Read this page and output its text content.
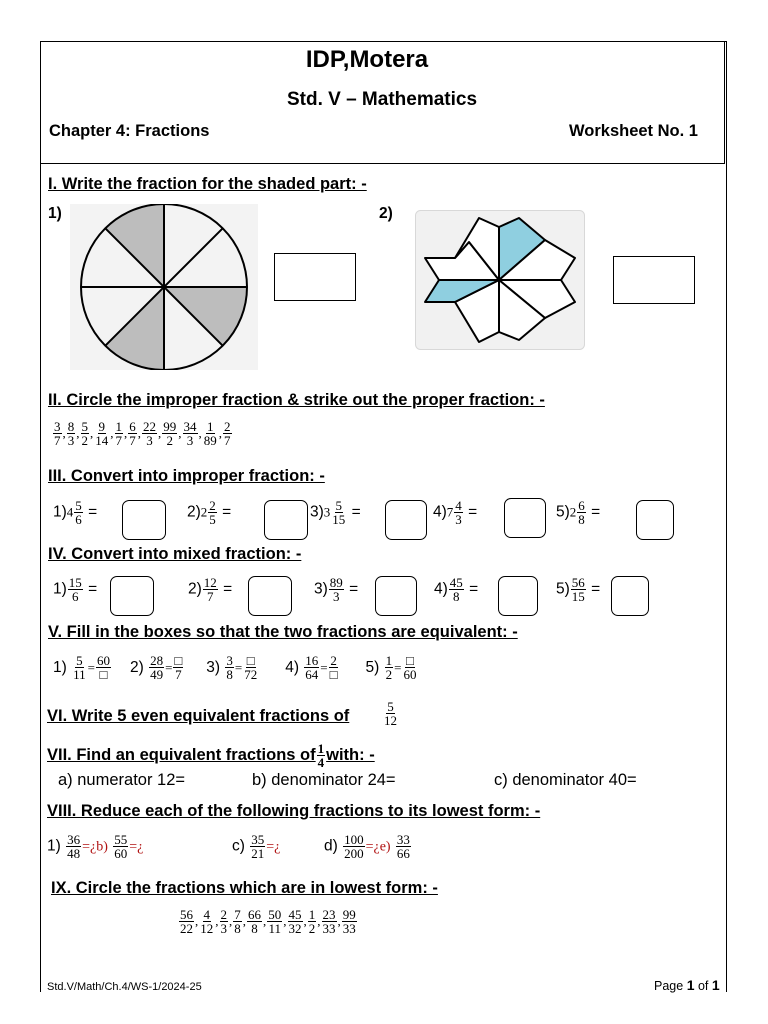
IDP,Motera
Std. V – Mathematics
Chapter 4: Fractions	Worksheet No. 1
I. Write the fraction for the shaded part: -
1)	2)
II. Circle the improper fraction & strike out the proper fraction: -
$\frac{3}{7}$ , $\frac{8}{3}$ , $\frac{5}{2}$ , $\frac{9}{14}$ , $\frac{1}{7}$ , $\frac{6}{7}$ , $\frac{22}{3}$ , $\frac{99}{2}$ , $\frac{34}{3}$ , $\frac{1}{89}$ , $\frac{2}{7}$
III. Convert into improper fraction: -
$1)4 \frac{5}{6}$ =	$2)2 \frac{2}{5}$ =	$3)3 \frac{5}{15}$ =	$4)7 \frac{4}{3}$ =	$5)2 \frac{6}{8}$ =
IV. Convert into mixed fraction: -
$1) \frac{15}{6}$ =	$2) \frac{12}{7}$ =	$3) \frac{89}{3}$ =	$4) \frac{45}{8}$ =	$5) \frac{56}{15}$ =
V. Fill in the boxes so that the two fractions are equivalent: -
$1) \frac{5}{11} = 60$
□ $2) \frac{28}{49}$ = □
7 $3) \frac{3}{8}$ = □
72 $4) \frac{16}{64} = 2$
□ $5) \frac{1}{2}$ = □
60
VI. Write 5 even equivalent fractions of	$\frac{5}{12}$
VII. Find an equivalent fractions of $\frac{1}{4}$ with: -
a) numerator 12=	b) denominator 24=	c) denominator 40=
VIII. Reduce each of the following fractions to its lowest form: -
$1) \frac{36}{48}$ =¿b) $\frac{55}{60}$ =¿	$c) \frac{35}{21}$ =¿	$d) \frac{100}{200}$ =¿e) $\frac{33}{66}$
IX. Circle the fractions which are in lowest form: -
$\frac{56}{22}$ , $\frac{4}{12}$ , $\frac{2}{3}$ , $\frac{7}{8}$ , $\frac{66}{8}$ , $\frac{50}{11}$ , $\frac{45}{32}$ , $\frac{1}{2}$ , $\frac{23}{33}$ , $\frac{99}{33}$
Std.V/Math/Ch.4/WS-1/2024-25	Page 1 of 1
